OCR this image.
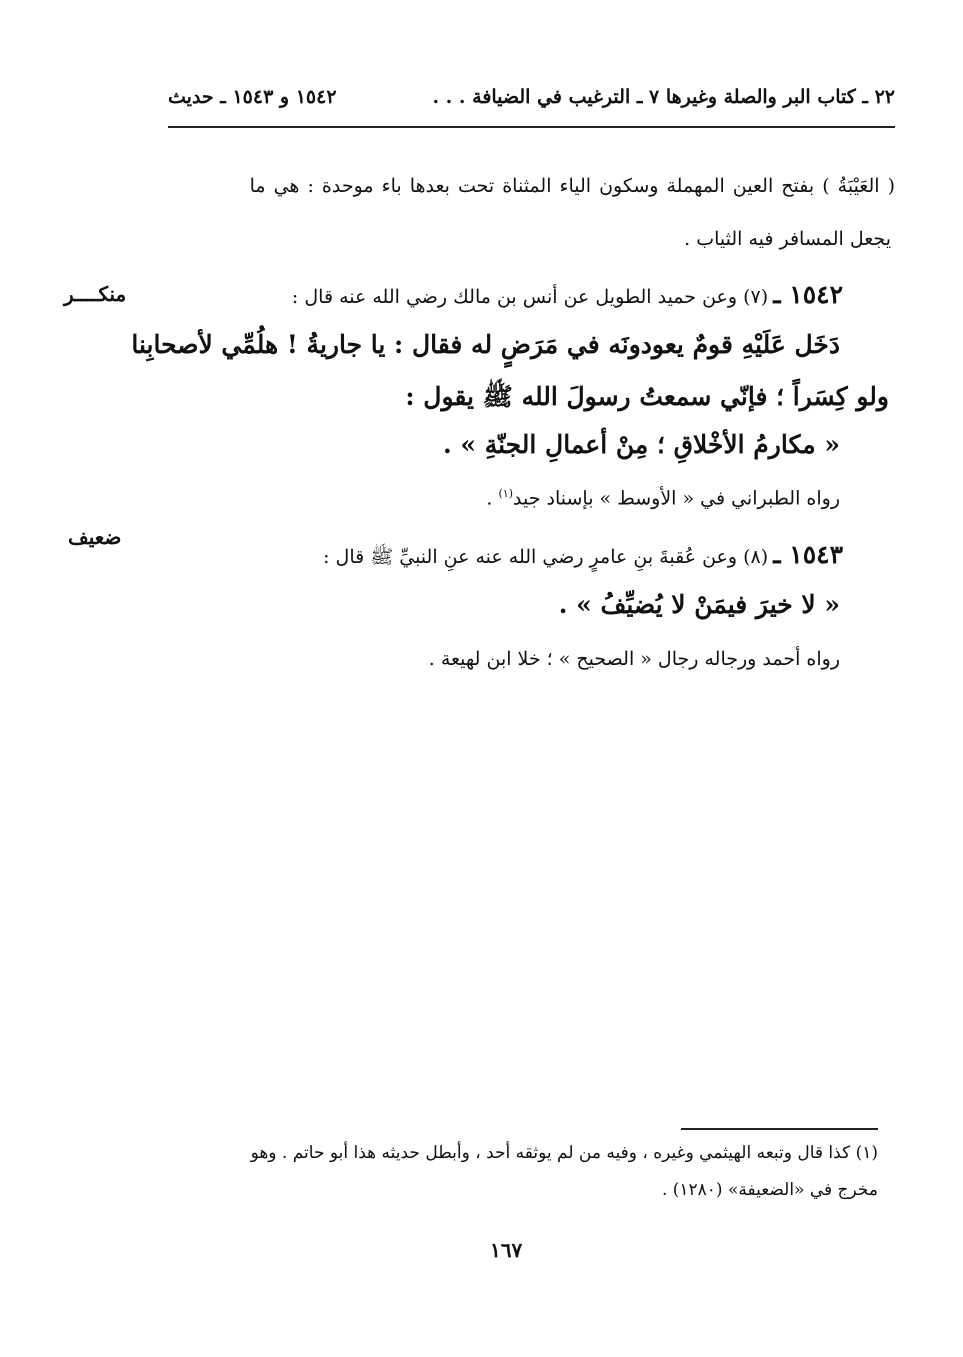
٢٢ ـ كتاب البر والصلة وغيرها ٧ ـ الترغيب في الضيافة . . .
١٥٤٢ و ١٥٤٣ ـ حديث
( العَيْبَةُ ) بفتح العين المهملة وسكون الياء المثناة تحت بعدها باء موحدة : هي ما
يجعل المسافر فيه الثياب .
منكــــر	١٥٤٢ ـ (٧) وعن حميد الطويل عن أنس بن مالك رضي الله عنه قال :
دَخَل عَلَيْهِ قومٌ يعودونَه في مَرَضٍ له فقال : يا جاريةُ ! هلُمِّي لأصحابِنا
ولو كِسَراً ؛ فإنّي سمعتُ رسولَ الله ﷺ يقول :
« مكارمُ الأخْلاقِ ؛ مِنْ أعمالِ الجنّةِ » .
رواه الطبراني في « الأوسط » بإسناد جيد$^{(١)}$ .
ضعيف
١٥٤٣ ـ (٨) وعن عُقبةَ بنِ عامرٍ رضي الله عنه عنِ النبيِّ ﷺ قال :
« لا خيرَ فيمَنْ لا يُضيِّفُ » .
رواه أحمد ورجاله رجال « الصحيح » ؛ خلا ابن لهيعة .
(١) كذا قال وتبعه الهيثمي وغيره ، وفيه من لم يوثقه أحد ، وأبطل حديثه هذا أبو حاتم . وهو
مخرج في «الضعيفة» (١٢٨٠) .
١٦٧
